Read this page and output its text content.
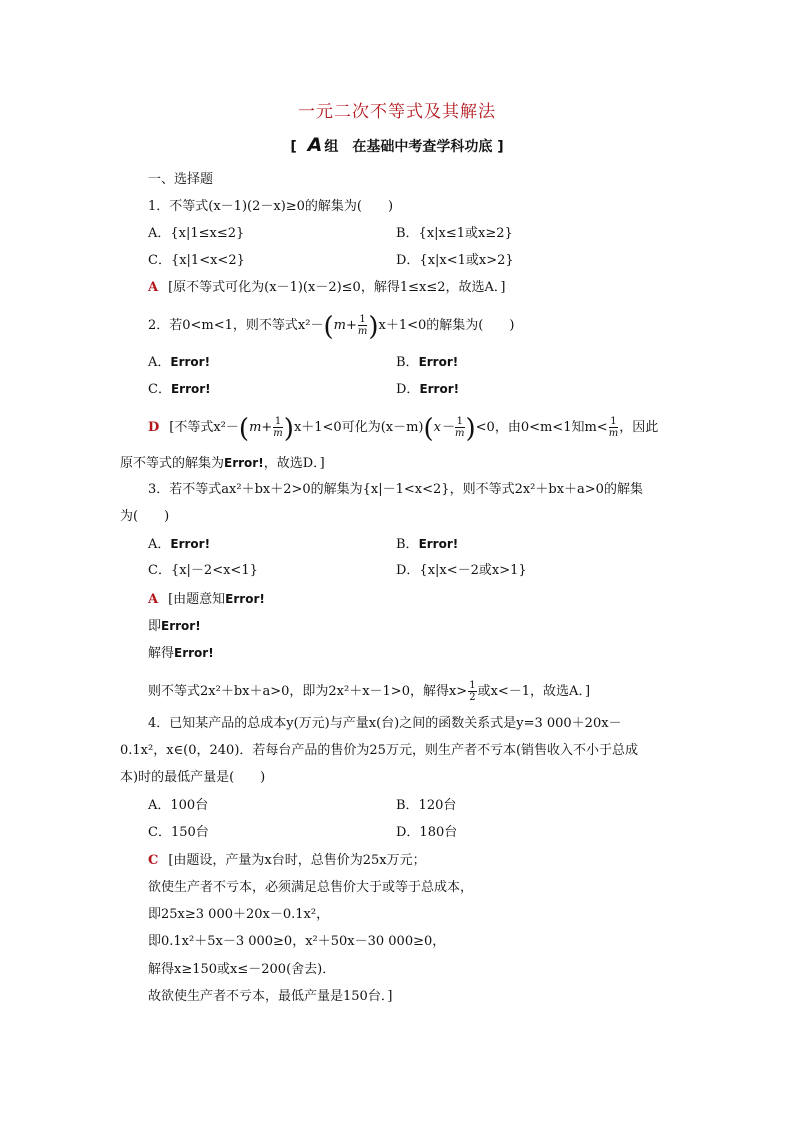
一元二次不等式及其解法
[ A 组　在基础中考查学科功底 ]
一、选择题
1．不等式(x－1)(2－x)≥0的解集为(　　)
A．{x|1≤x≤2}	B．{x|x≤1或x≥2}
C．{x|1<x<2}	D．{x|x<1或x>2}
A [原不等式可化为(x－1)(x－2)≤0，解得1≤x≤2，故选A．]
2．若0<m<1，则不等式$x^2-(m+ \frac{1}{m} )x+1<0$的解集为(　　)
A．Error!	B．Error!
C．Error!	D．Error!
D [不等式$x^2-(m+ \frac{1}{m} )x+1<0$可化为$(x-m)(x- \frac{1}{m} )<0$，由0<m<1知$m< \frac{1}{m}$ ，因此
原不等式的解集为Error!，故选D．]
3．若不等式ax²＋bx＋2>0的解集为{x|－1<x<2}，则不等式2x²＋bx＋a>0的解集
为(　　)
A．Error!	B．Error!
C．{x|－2<x<1}	D．{x|x<－2或x>1}
A [由题意知Error!
即Error!
解得Error!
则不等式2x²＋bx＋a>0，即为2x²＋x－1>0，解得$x> \frac{1}{2}$ 或x<－1，故选A．]
4．已知某产品的总成本y(万元)与产量x(台)之间的函数关系式是y=3 000＋20x－
0.1x²，x∈(0，240)．若每台产品的售价为25万元，则生产者不亏本(销售收入不小于总成
本)时的最低产量是(　　)
A．100台	B．120台
C．150台	D．180台
C [由题设，产量为x台时，总售价为25x万元；
欲使生产者不亏本，必须满足总售价大于或等于总成本，
即25x≥3 000＋20x－0.1x²，
即0.1x²＋5x－3 000≥0，x²＋50x－30 000≥0，
解得x≥150或x≤－200(舍去)．
故欲使生产者不亏本，最低产量是150台．]
